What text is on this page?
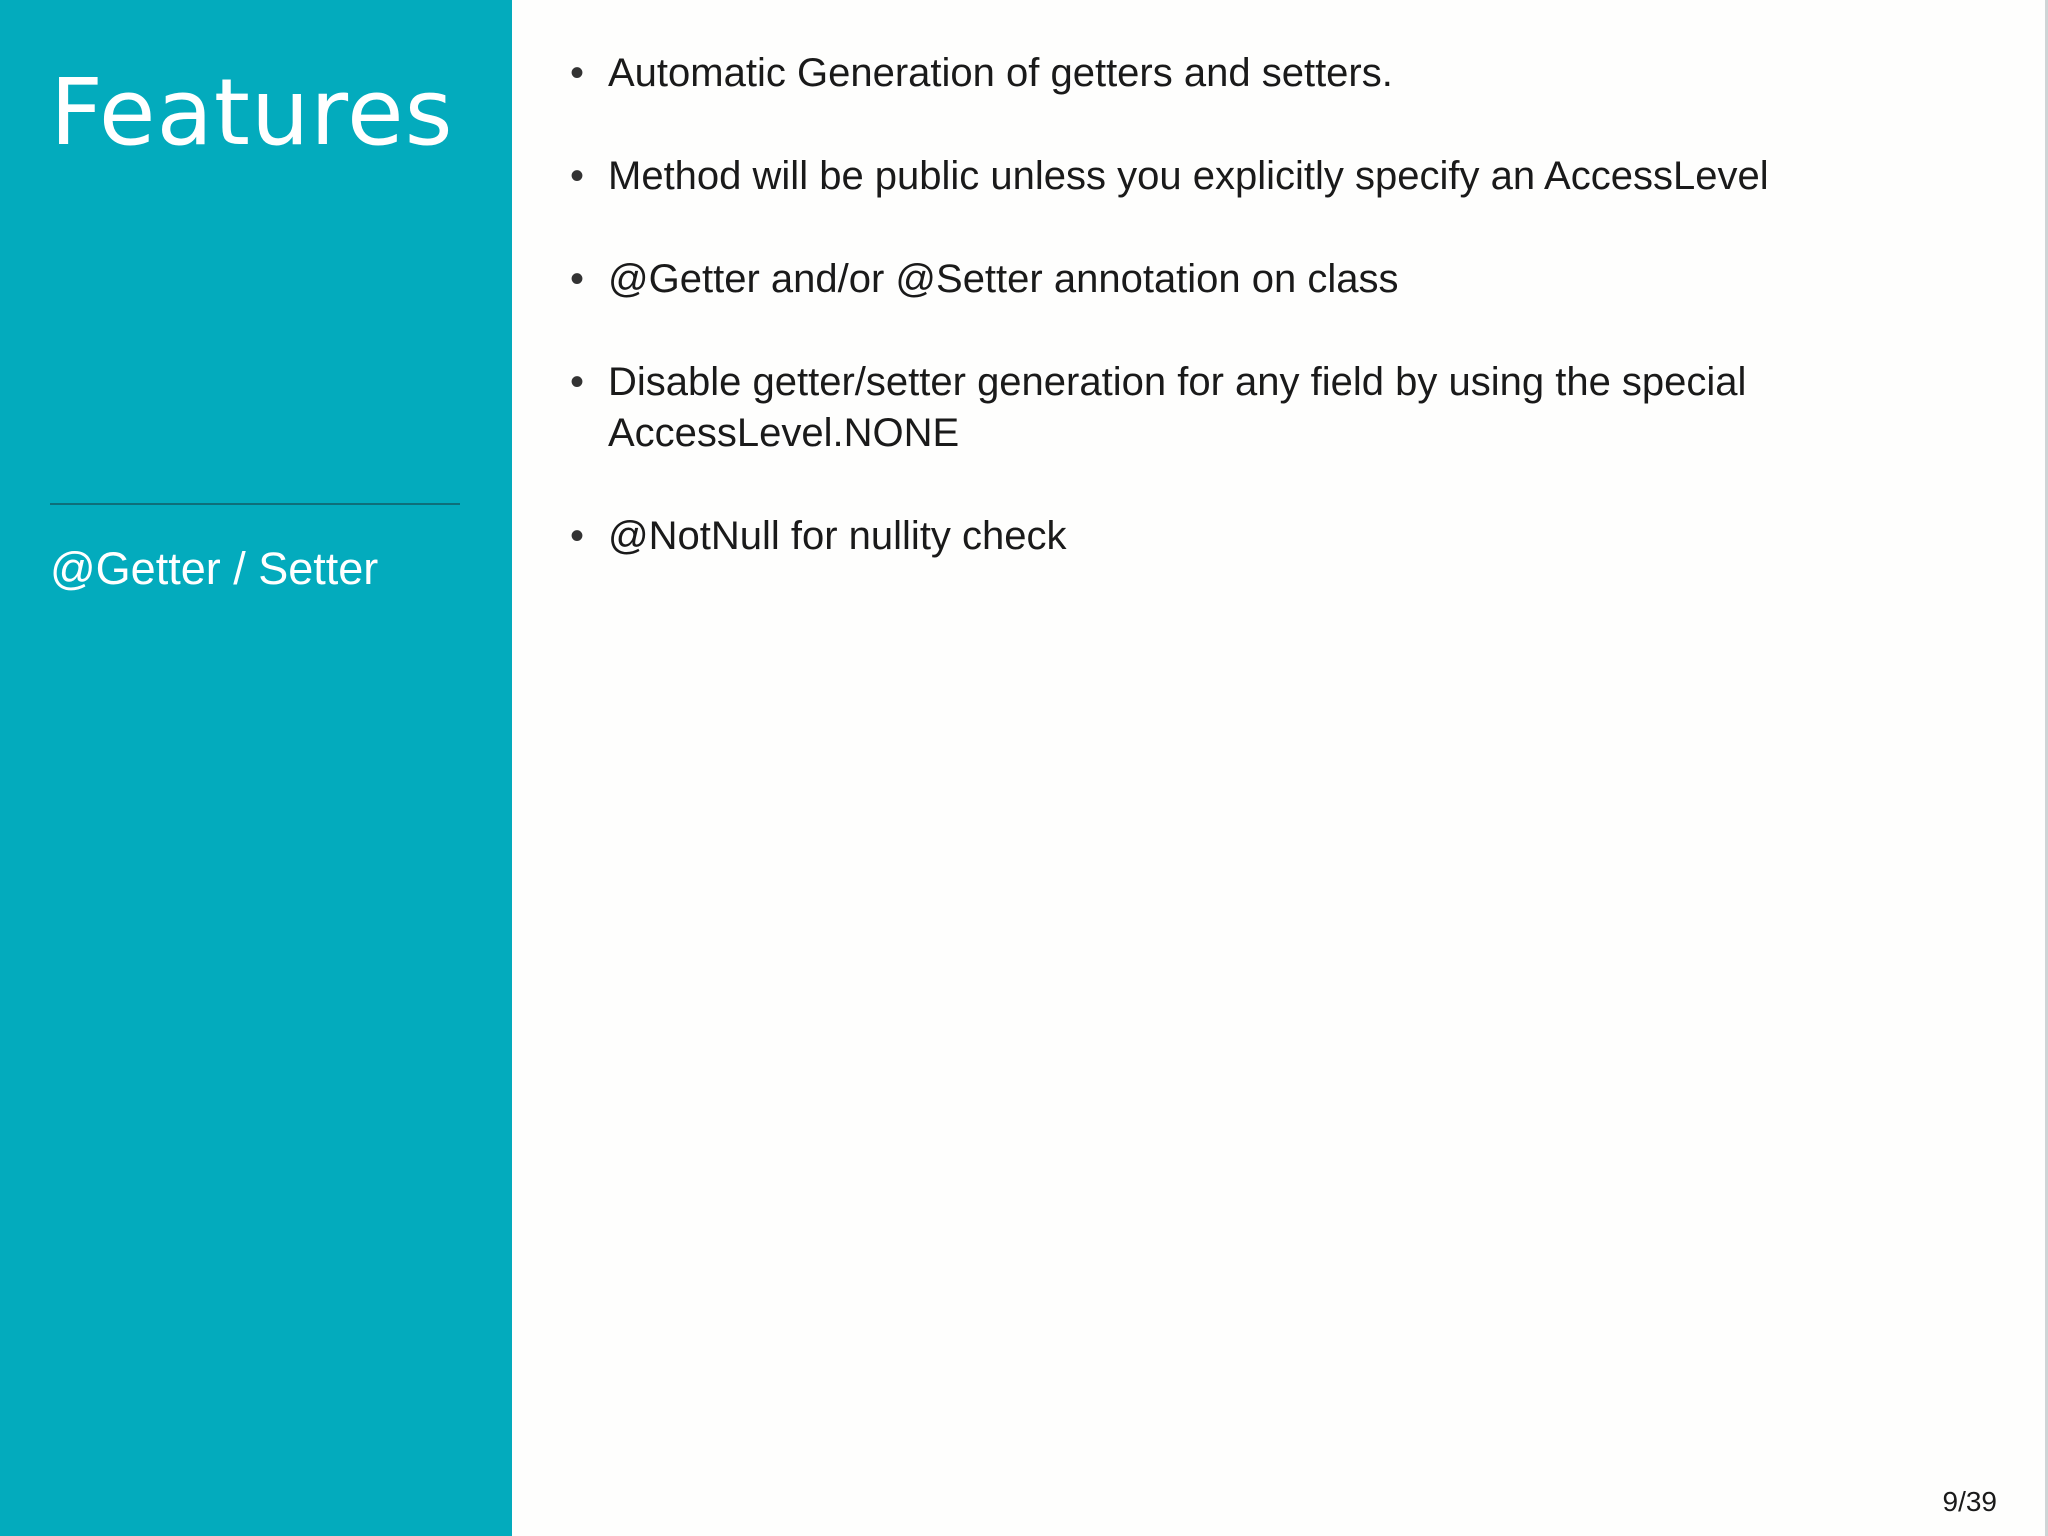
Features
@Getter / Setter
• Automatic Generation of getters and setters.
• Method will be public unless you explicitly specify an AccessLevel
• @Getter and/or @Setter annotation on class
• Disable getter/setter generation for any field by using the special AccessLevel.NONE
• @NotNull for nullity check
9/39
